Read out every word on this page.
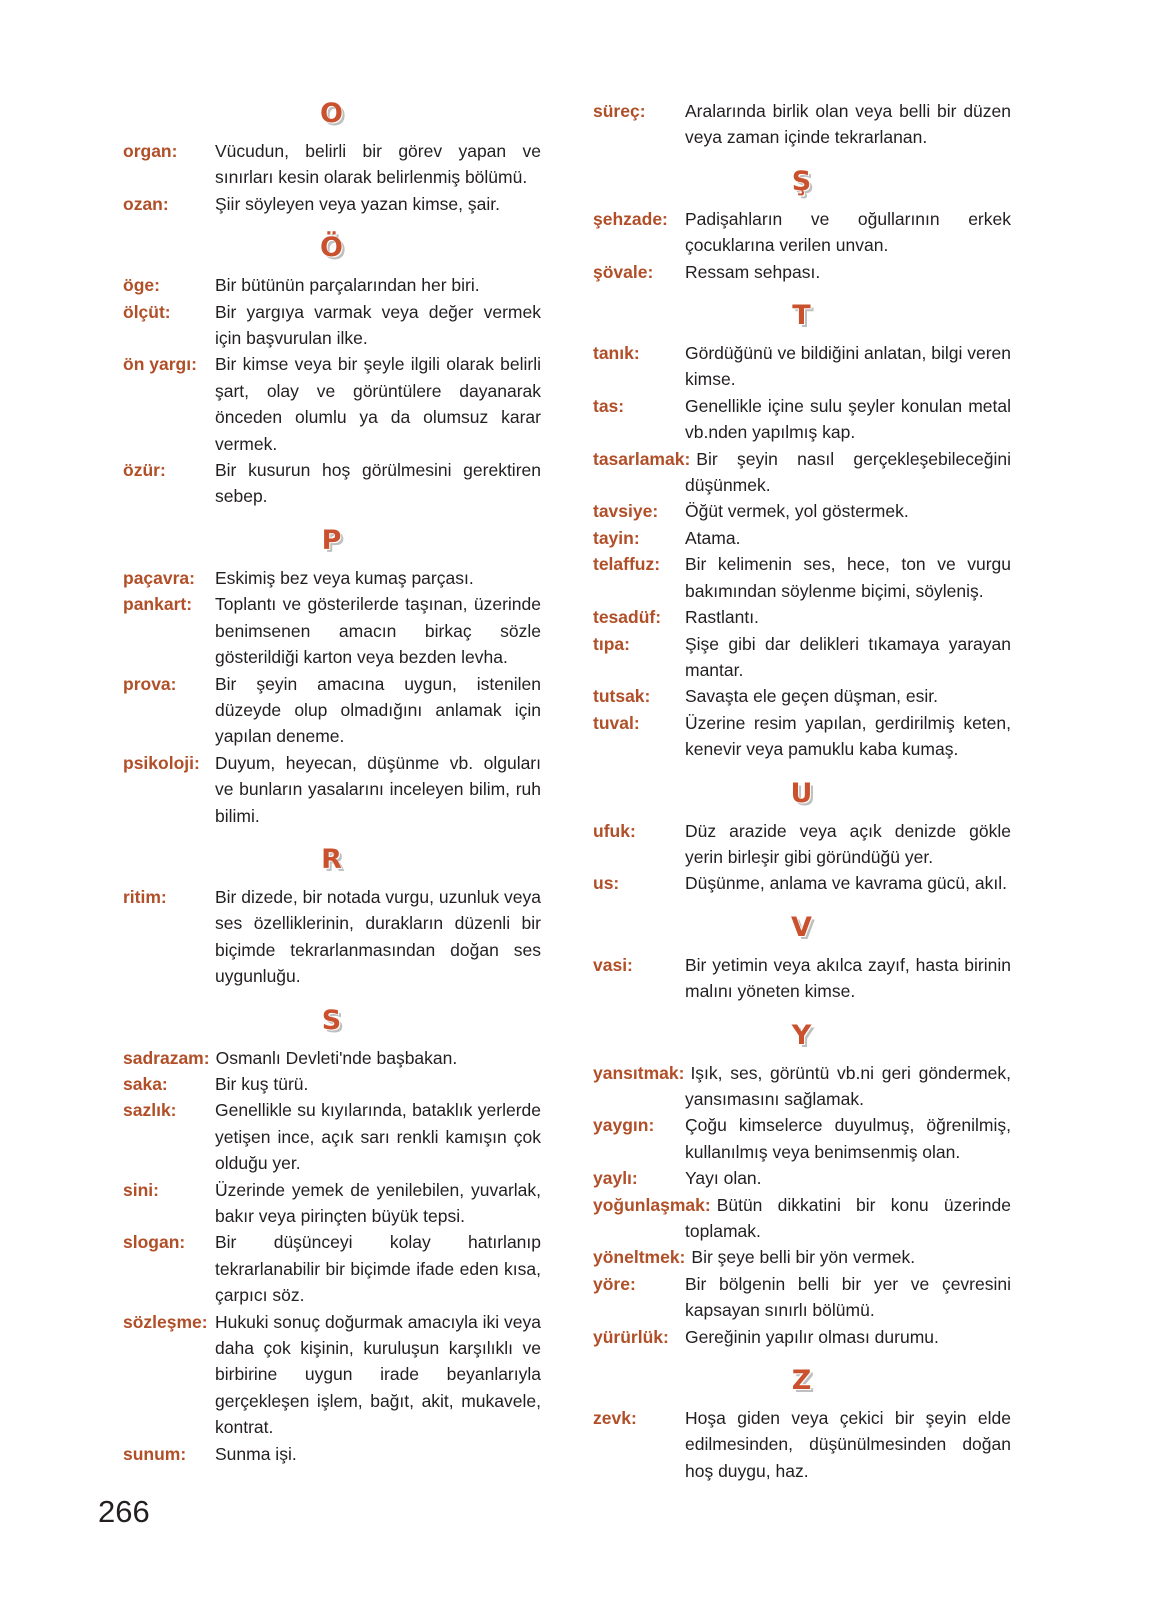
O

organ: Vücudun, belirli bir görev yapan ve sınırları kesin olarak belirlenmiş bölümü.

ozan:	Şiir söyleyen veya yazan kimse, şair.

Ö

öge:	Bir bütünün parçalarından her biri.

ölçüt:	Bir yargıya varmak veya değer vermek için başvurulan ilke.

ön yargı: Bir kimse veya bir şeyle ilgili olarak belirli şart, olay ve görüntülere dayanarak önceden olumlu ya da olumsuz karar vermek.

özür:	Bir kusurun hoş görülmesini gerektiren sebep.

P

paçavra: Eskimiş bez veya kumaş parçası.

pankart: Toplantı ve gösterilerde taşınan, üzerinde benimsenen amacın birkaç sözle gösterildiği karton veya bezden levha.

prova: Bir şeyin amacına uygun, istenilen düzeyde olup olmadığını anlamak için yapılan deneme.

psikoloji: Duyum, heyecan, düşünme vb. olguları ve bunların yasalarını inceleyen bilim, ruh bilimi.

R

ritim:	Bir dizede, bir notada vurgu, uzunluk veya ses özelliklerinin, durakların düzenli bir biçimde tekrarlanmasından doğan ses uygunluğu.

S

sadrazam: Osmanlı Devleti'nde başbakan.

saka:	Bir kuş türü.

sazlık: Genellikle su kıyılarında, bataklık yerlerde yetişen ince, açık sarı renkli kamışın çok olduğu yer.

sini:	Üzerinde yemek de yenilebilen, yuvarlak, bakır veya pirinçten büyük tepsi.

slogan: Bir düşünceyi kolay hatırlanıp tekrarlanabilir bir biçimde ifade eden kısa, çarpıcı söz.

sözleşme: Hukuki sonuç doğurmak amacıyla iki veya daha çok kişinin, kuruluşun karşılıklı ve birbirine uygun irade beyanlarıyla gerçekleşen işlem, bağıt, akit, mukavele, kontrat.

sunum: Sunma işi.

süreç: Aralarında birlik olan veya belli bir düzen veya zaman içinde tekrarlanan.

Ş

şehzade: Padişahların ve oğullarının erkek çocuklarına verilen unvan.

şövale: Ressam sehpası.

T

tanık:	Gördüğünü ve bildiğini anlatan, bilgi veren kimse.

tas:	Genellikle içine sulu şeyler konulan metal vb.nden yapılmış kap.

tasarlamak: Bir şeyin nasıl gerçekleşebileceğini düşünmek.

tavsiye: Öğüt vermek, yol göstermek.

tayin:	Atama.

telaffuz: Bir kelimenin ses, hece, ton ve vurgu bakımından söylenme biçimi, söyleniş.

tesadüf: Rastlantı.

tıpa:	Şişe gibi dar delikleri tıkamaya yarayan mantar.

tutsak: Savaşta ele geçen düşman, esir.

tuval:	Üzerine resim yapılan, gerdirilmiş keten, kenevir veya pamuklu kaba kumaş.

U

ufuk:	Düz arazide veya açık denizde gökle yerin birleşir gibi göründüğü yer.

us:	Düşünme, anlama ve kavrama gücü, akıl.

V

vasi:	Bir yetimin veya akılca zayıf, hasta birinin malını yöneten kimse.

Y

yansıtmak: Işık, ses, görüntü vb.ni geri göndermek, yansımasını sağlamak.

yaygın: Çoğu kimselerce duyulmuş, öğrenilmiş, kullanılmış veya benimsenmiş olan.

yaylı:	Yayı olan.

yoğunlaşmak: Bütün dikkatini bir konu üzerinde toplamak.

yöneltmek: Bir şeye belli bir yön vermek.

yöre:	Bir bölgenin belli bir yer ve çevresini kapsayan sınırlı bölümü.

yürürlük: Gereğinin yapılır olması durumu.

Z

zevk:	Hoşa giden veya çekici bir şeyin elde edilmesinden, düşünülmesinden doğan hoş duygu, haz.

266
